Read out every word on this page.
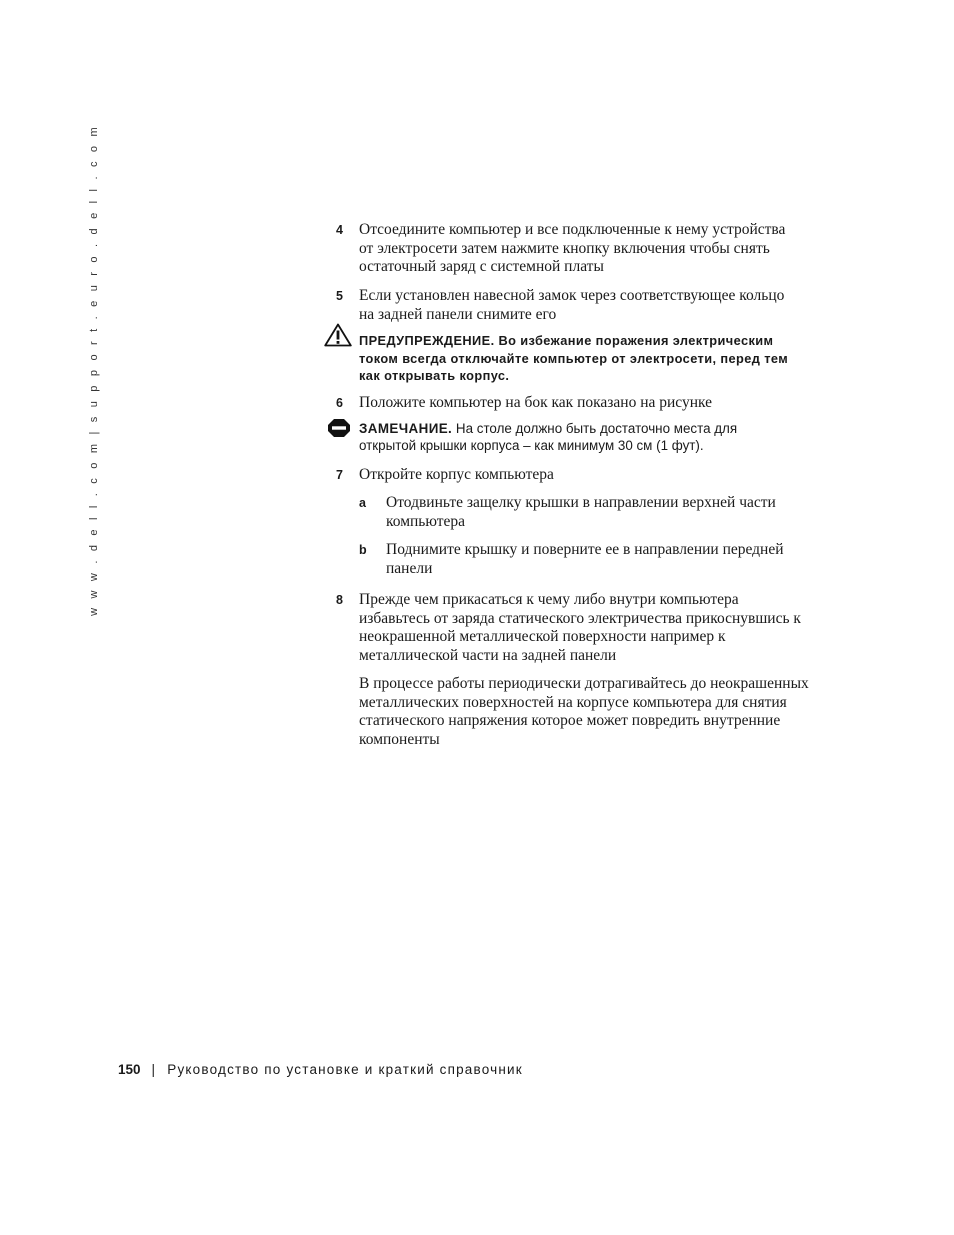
w w w . d e l l . c o m | s u p p o r t . e u r o . d e l l . c o m	4	Отсоедините компьютер и все подключенные к нему устройства от электросети затем нажмите кнопку включения чтобы снять остаточный заряд с системной платы
5	Если установлен навесной замок через соответствующее кольцо на задней панели снимите его
ПРЕДУПРЕЖДЕНИЕ. Во избежание поражения электрическим током всегда отключайте компьютер от электросети, перед тем как открывать корпус.
6	Положите компьютер на бок как показано на рисунке
ЗАМЕЧАНИЕ. На столе должно быть достаточно места для открытой крышки корпуса – как минимум 30 см (1 фут).
7	Откройте корпус компьютера
a	Отодвиньте защелку крышки в направлении верхней части компьютера
b	Поднимите крышку и поверните ее в направлении передней панели
8	Прежде чем прикасаться к чему либо внутри компьютера избавьтесь от заряда статического электричества прикоснувшись к неокрашенной металлической поверхности например к металлической части на задней панели
В процессе работы периодически дотрагивайтесь до неокрашенных металлических поверхностей на корпусе компьютера для снятия статического напряжения которое может повредить внутренние компоненты
150 | Руководство по установке и краткий справочник
